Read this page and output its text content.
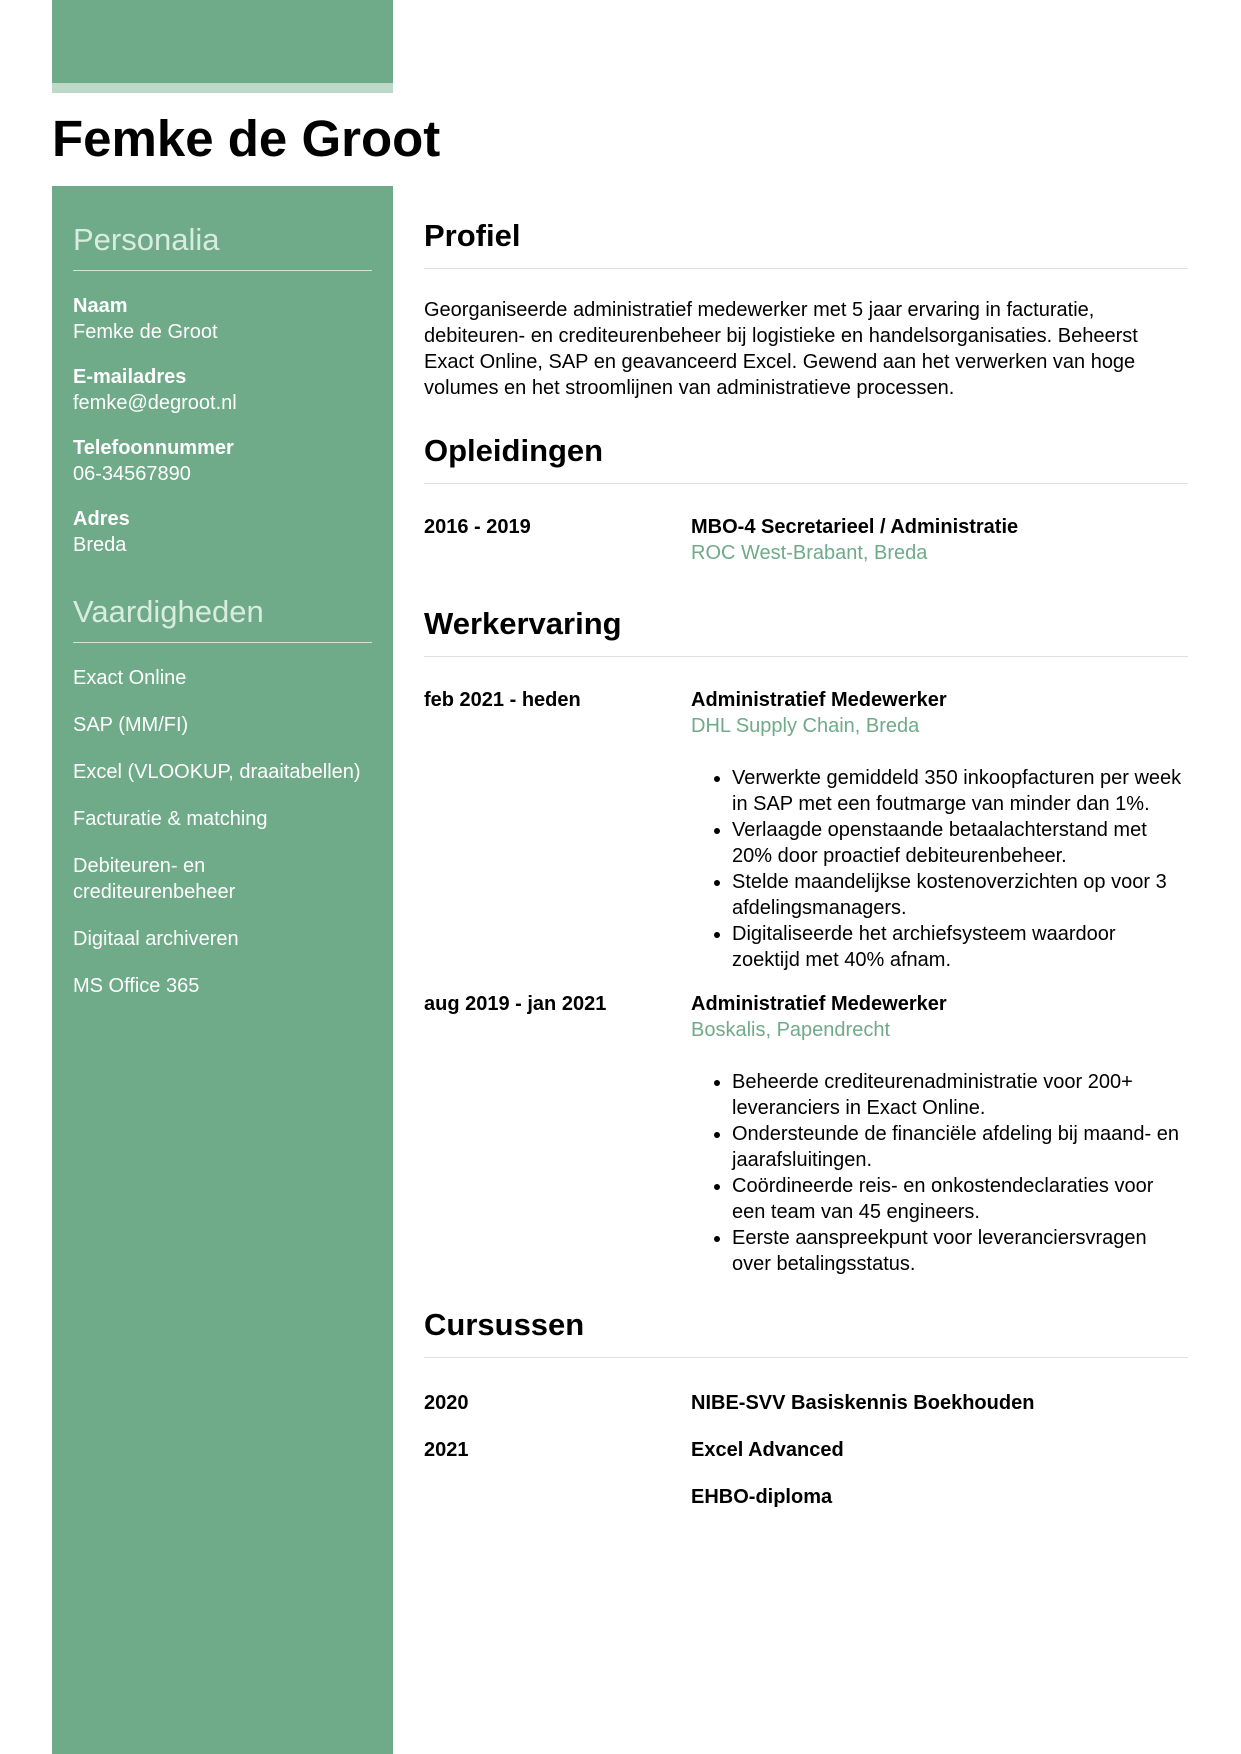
Femke de Groot
Personalia
Naam
Femke de Groot
E-mailadres
femke@degroot.nl
Telefoonnummer
06-34567890
Adres
Breda
Vaardigheden
Exact Online
SAP (MM/FI)
Excel (VLOOKUP, draaitabellen)
Facturatie & matching
Debiteuren- en crediteurenbeheer
Digitaal archiveren
MS Office 365
Profiel

Georganiseerde administratief medewerker met 5 jaar ervaring in facturatie, debiteuren- en crediteurenbeheer bij logistieke en handelsorganisaties. Beheerst Exact Online, SAP en geavanceerd Excel. Gewend aan het verwerken van hoge volumes en het stroomlijnen van administratieve processen.

Opleidingen
2016 - 2019	MBO-4 Secretarieel / Administratie
ROC West-Brabant, Breda
Werkervaring
feb 2021 - heden	Administratief Medewerker
DHL Supply Chain, Breda
• Verwerkte gemiddeld 350 inkoopfacturen per week in SAP met een foutmarge van minder dan 1%.
• Verlaagde openstaande betaalachterstand met 20% door proactief debiteurenbeheer.
• Stelde maandelijkse kostenoverzichten op voor 3 afdelingsmanagers.
• Digitaliseerde het archiefsysteem waardoor zoektijd met 40% afnam.
aug 2019 - jan 2021	Administratief Medewerker
Boskalis, Papendrecht
• Beheerde crediteurenadministratie voor 200+ leveranciers in Exact Online.
• Ondersteunde de financiële afdeling bij maand- en jaarafsluitingen.
• Coördineerde reis- en onkostendeclaraties voor een team van 45 engineers.
• Eerste aanspreekpunt voor leveranciersvragen over betalingsstatus.
Cursussen
2020	NIBE-SVV Basiskennis Boekhouden
2021	Excel Advanced
EHBO-diploma
